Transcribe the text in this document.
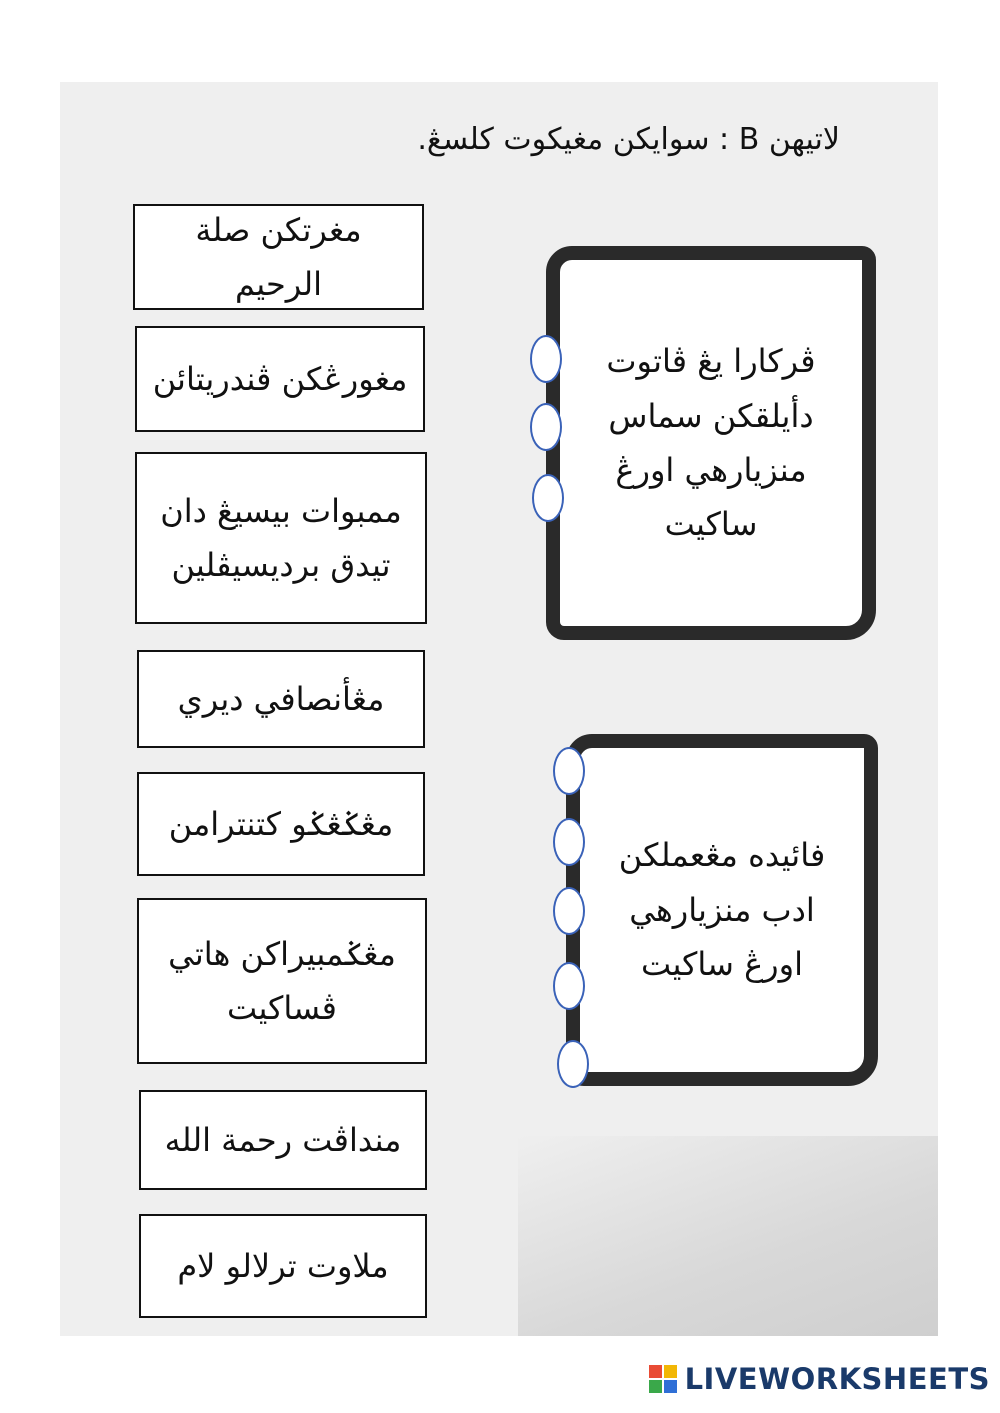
لاتيهن B : سوايكن مغيكوت كلسڠ.
مغرتكن صلة الرحيم
مغورڠكن ڤندريتائن
ممبوات بيسيڠ دان تيدق برديسيڤلين
مڠأنصافي ديري
مڠݢڠݢو كتنترامن
مڠݢمبيراكن هاتي ڤساكيت
منداڤت رحمة الله
ملاوت ترلالو لام
ڤركارا يڠ ڤاتوت دأيلقكن سماس منزيارهي اورڠ ساكيت
فائيده مڠعملكن ادب منزيارهي اورڠ ساكيت
LIVEWORKSHEETS
